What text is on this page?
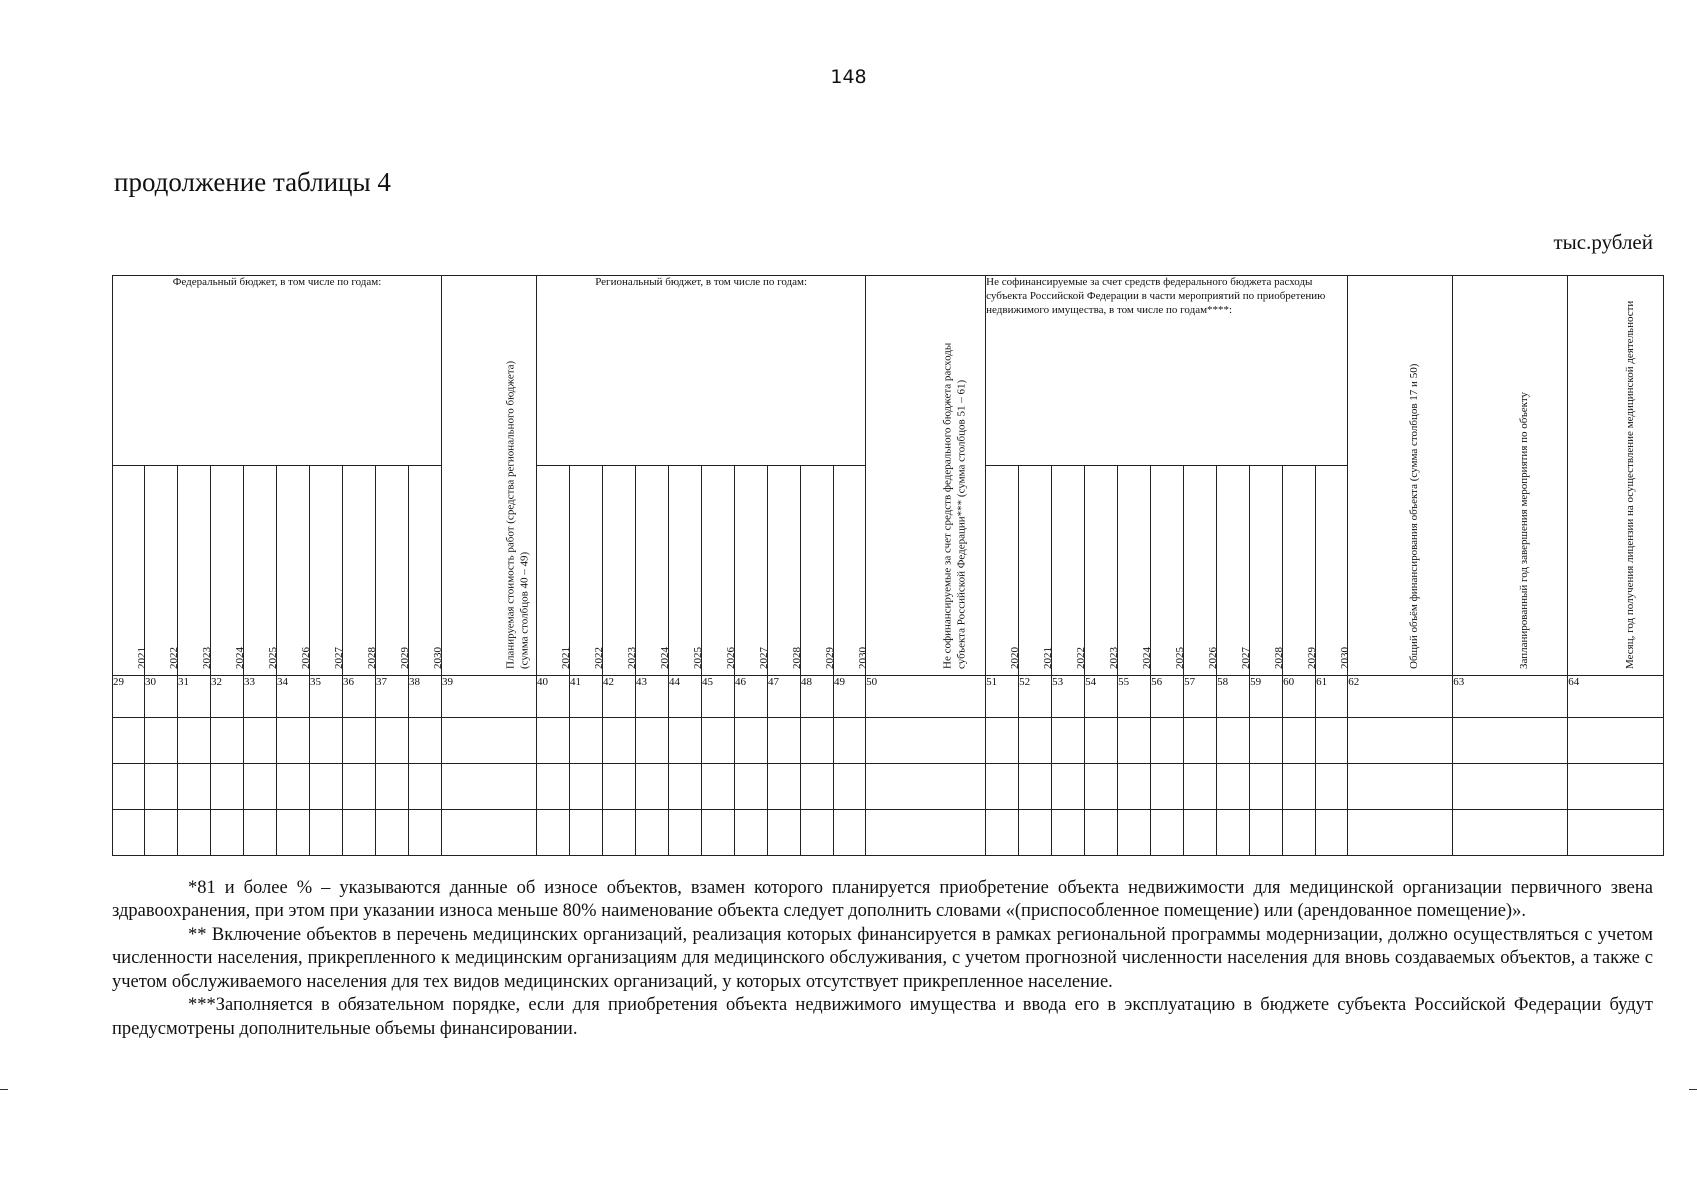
148
продолжение таблицы 4
тыс.рублей
Федеральный бюджет, в том числе по годам:										Планируемая стоимость работ (средства регионального бюджета) (сумма столбцов 40 – 49)	Региональный бюджет, в том числе по годам:										Не софинансируемые за счет средств федерального бюджета расходы субъекта Российской Федерации*** (сумма столбцов 51 – 61)	Не софинансируемые за счет средств федерального бюджета расходы субъекта Российской Федерации в части мероприятий по приобретению недвижимого имущества, в том числе по годам****:											Общий объём финансирования объекта (сумма столбцов 17 и 50)	Запланированный год завершения мероприятия по объекту	Месяц, год получения лицензии на осуществление медицинской деятельности

2021	2022	2023	2024	2025	2026	2027	2028	2029	2030		2021	2022	2023	2024	2025	2026	2027	2028	2029	2030		2020	2021	2022	2023	2024	2025	2026	2027	2028	2029	2030			

29	30	31	32	33	34	35	36	37	38	39	40	41	42	43	44	45	46	47	48	49	50	51	52	53	54	55	56	57	58	59	60	61	62	63	64

*81 и более % – указываются данные об износе объектов, взамен которого планируется приобретение объекта недвижимости для медицинской организации первичного звена здравоохранения, при этом при указании износа меньше 80% наименование объекта следует дополнить словами «(приспособленное помещение) или (арендованное помещение)».

** Включение объектов в перечень медицинских организаций, реализация которых финансируется в рамках региональной программы модернизации, должно осуществляться с учетом численности населения, прикрепленного к медицинским организациям для медицинского обслуживания, с учетом прогнозной численности населения для вновь создаваемых объектов, а также с учетом обслуживаемого населения для тех видов медицинских организаций, у которых отсутствует прикрепленное население.

***Заполняется в обязательном порядке, если для приобретения объекта недвижимого имущества и ввода его в эксплуатацию в бюджете субъекта Российской Федерации будут предусмотрены дополнительные объемы финансировании.
